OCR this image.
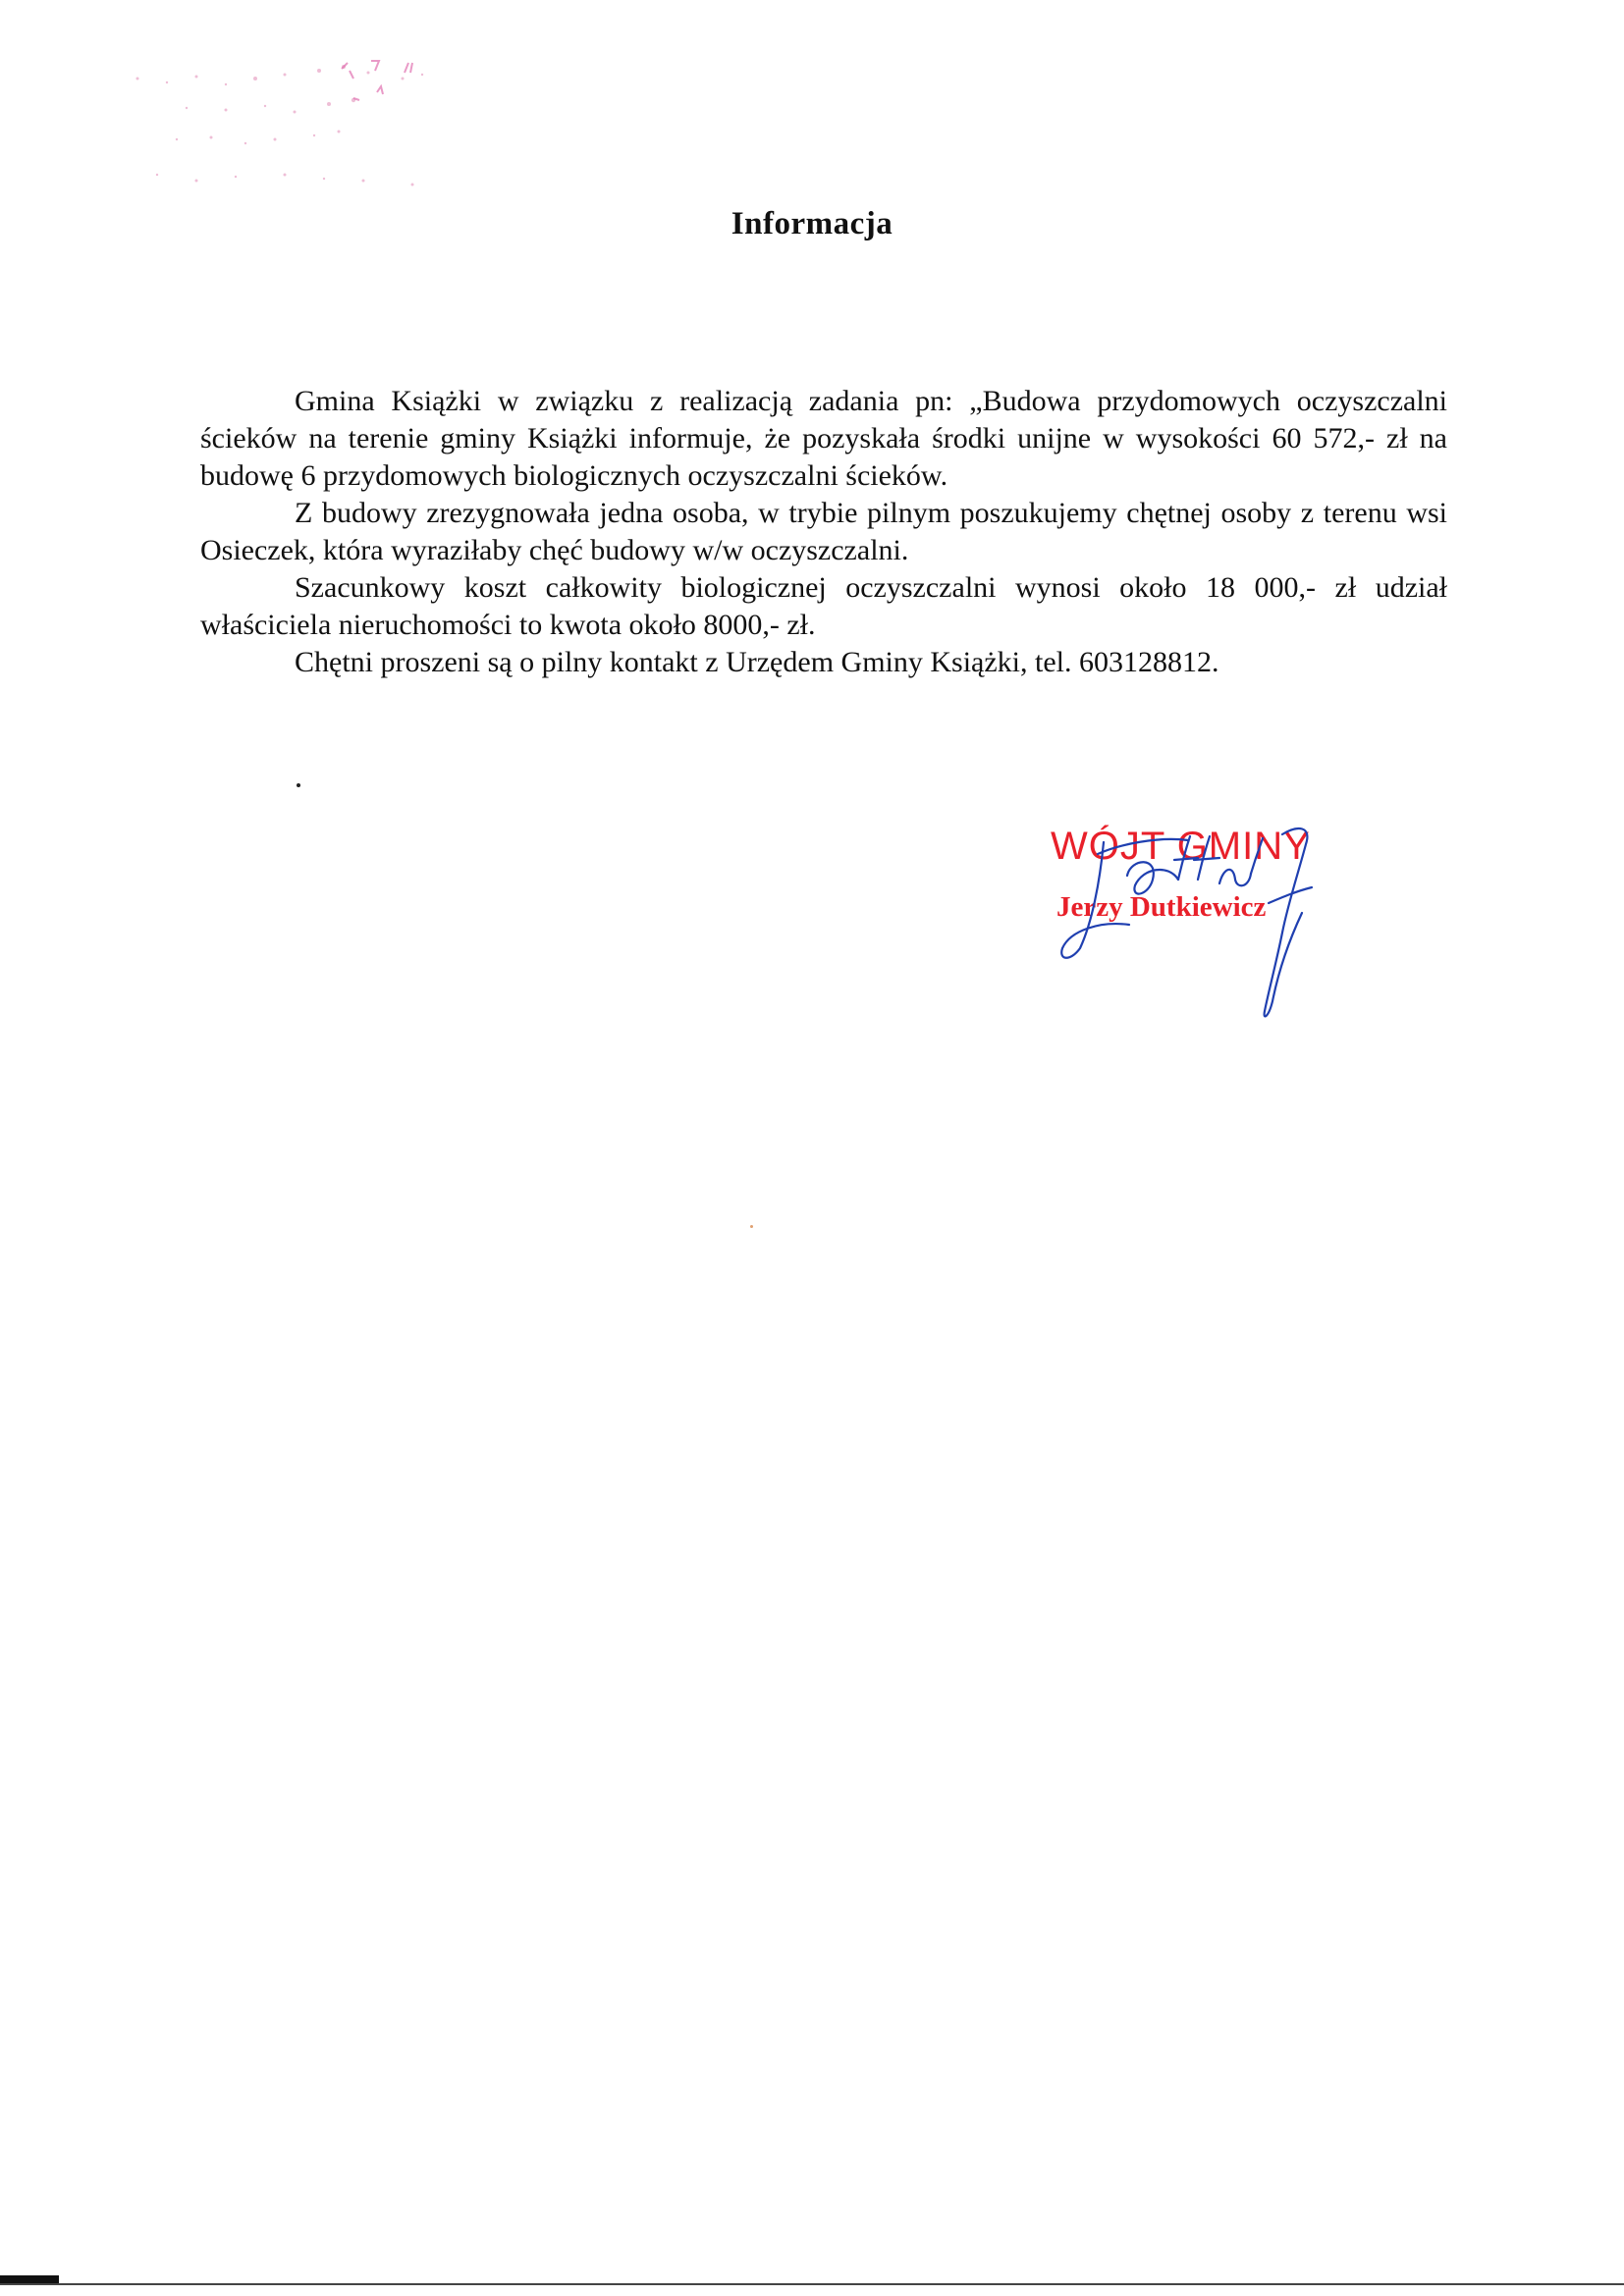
Informacja

Gmina Książki w związku z realizacją zadania pn: „Budowa przydomowych oczyszczalni ścieków na terenie gminy Książki informuje, że pozyskała środki unijne w wysokości 60 572,- zł na budowę 6 przydomowych biologicznych oczyszczalni ścieków.

Z budowy zrezygnowała jedna osoba, w trybie pilnym poszukujemy chętnej osoby z terenu wsi Osieczek, która wyraziłaby chęć budowy w/w oczyszczalni.

Szacunkowy koszt całkowity biologicznej oczyszczalni wynosi około 18 000,- zł udział właściciela nieruchomości to kwota około 8000,- zł.

Chętni proszeni są o pilny kontakt z Urzędem Gminy Książki, tel. 603128812.

WÓJT GMINY
Jerzy Dutkiewicz
